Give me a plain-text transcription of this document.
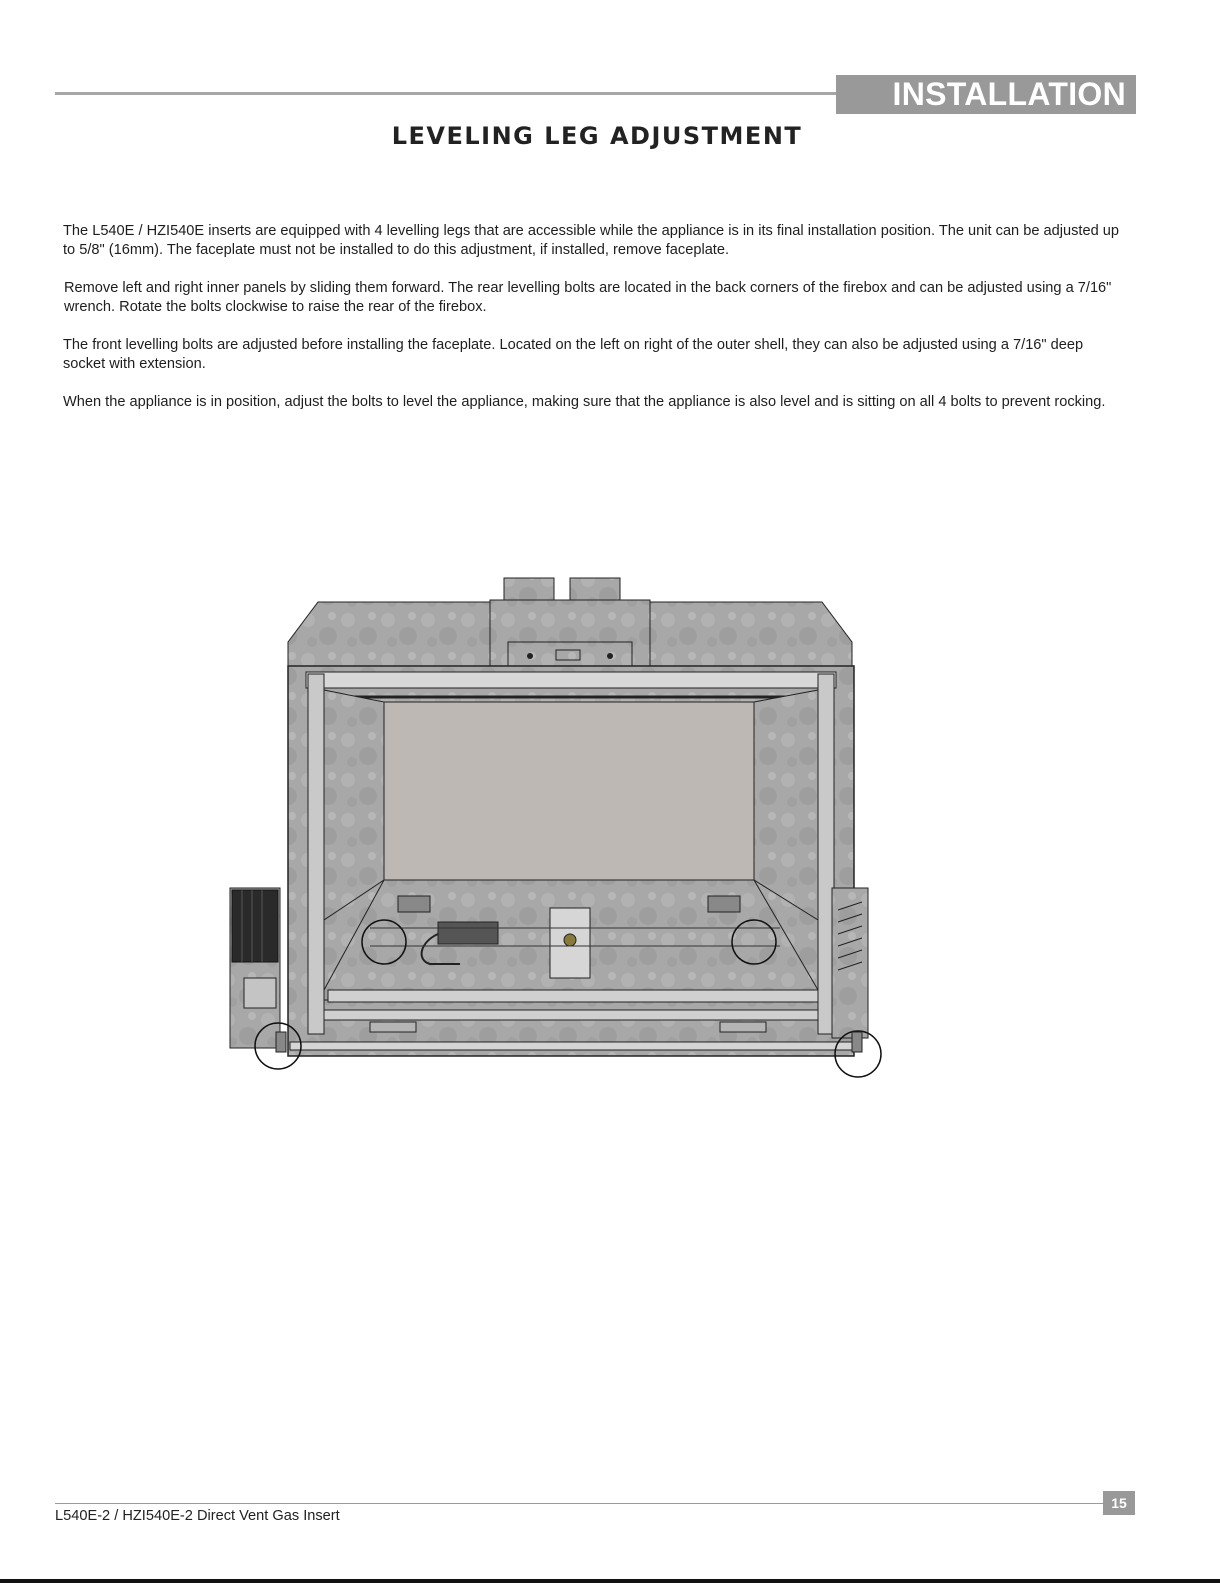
INSTALLATION
LEVELING LEG ADJUSTMENT

The L540E / HZI540E inserts are equipped with 4 levelling legs that are accessible while the appliance is in its final installation position. The unit can be adjusted up to 5/8" (16mm). The faceplate must not be installed to do this adjustment, if installed, remove faceplate.

Remove left and right inner panels by sliding them forward. The rear levelling bolts are located in the back corners of the firebox and can be adjusted using a 7/16" wrench. Rotate the bolts clockwise to raise the rear of the firebox.

The front levelling bolts are adjusted before installing the faceplate. Located on the left on right of the outer shell, they can also be adjusted using a 7/16" deep socket with extension.

When the appliance is in position, adjust the bolts to level the appliance, making sure that the appliance is also level and is sitting on all 4 bolts to prevent rocking.

L540E-2 / HZI540E-2 Direct Vent Gas Insert
15
